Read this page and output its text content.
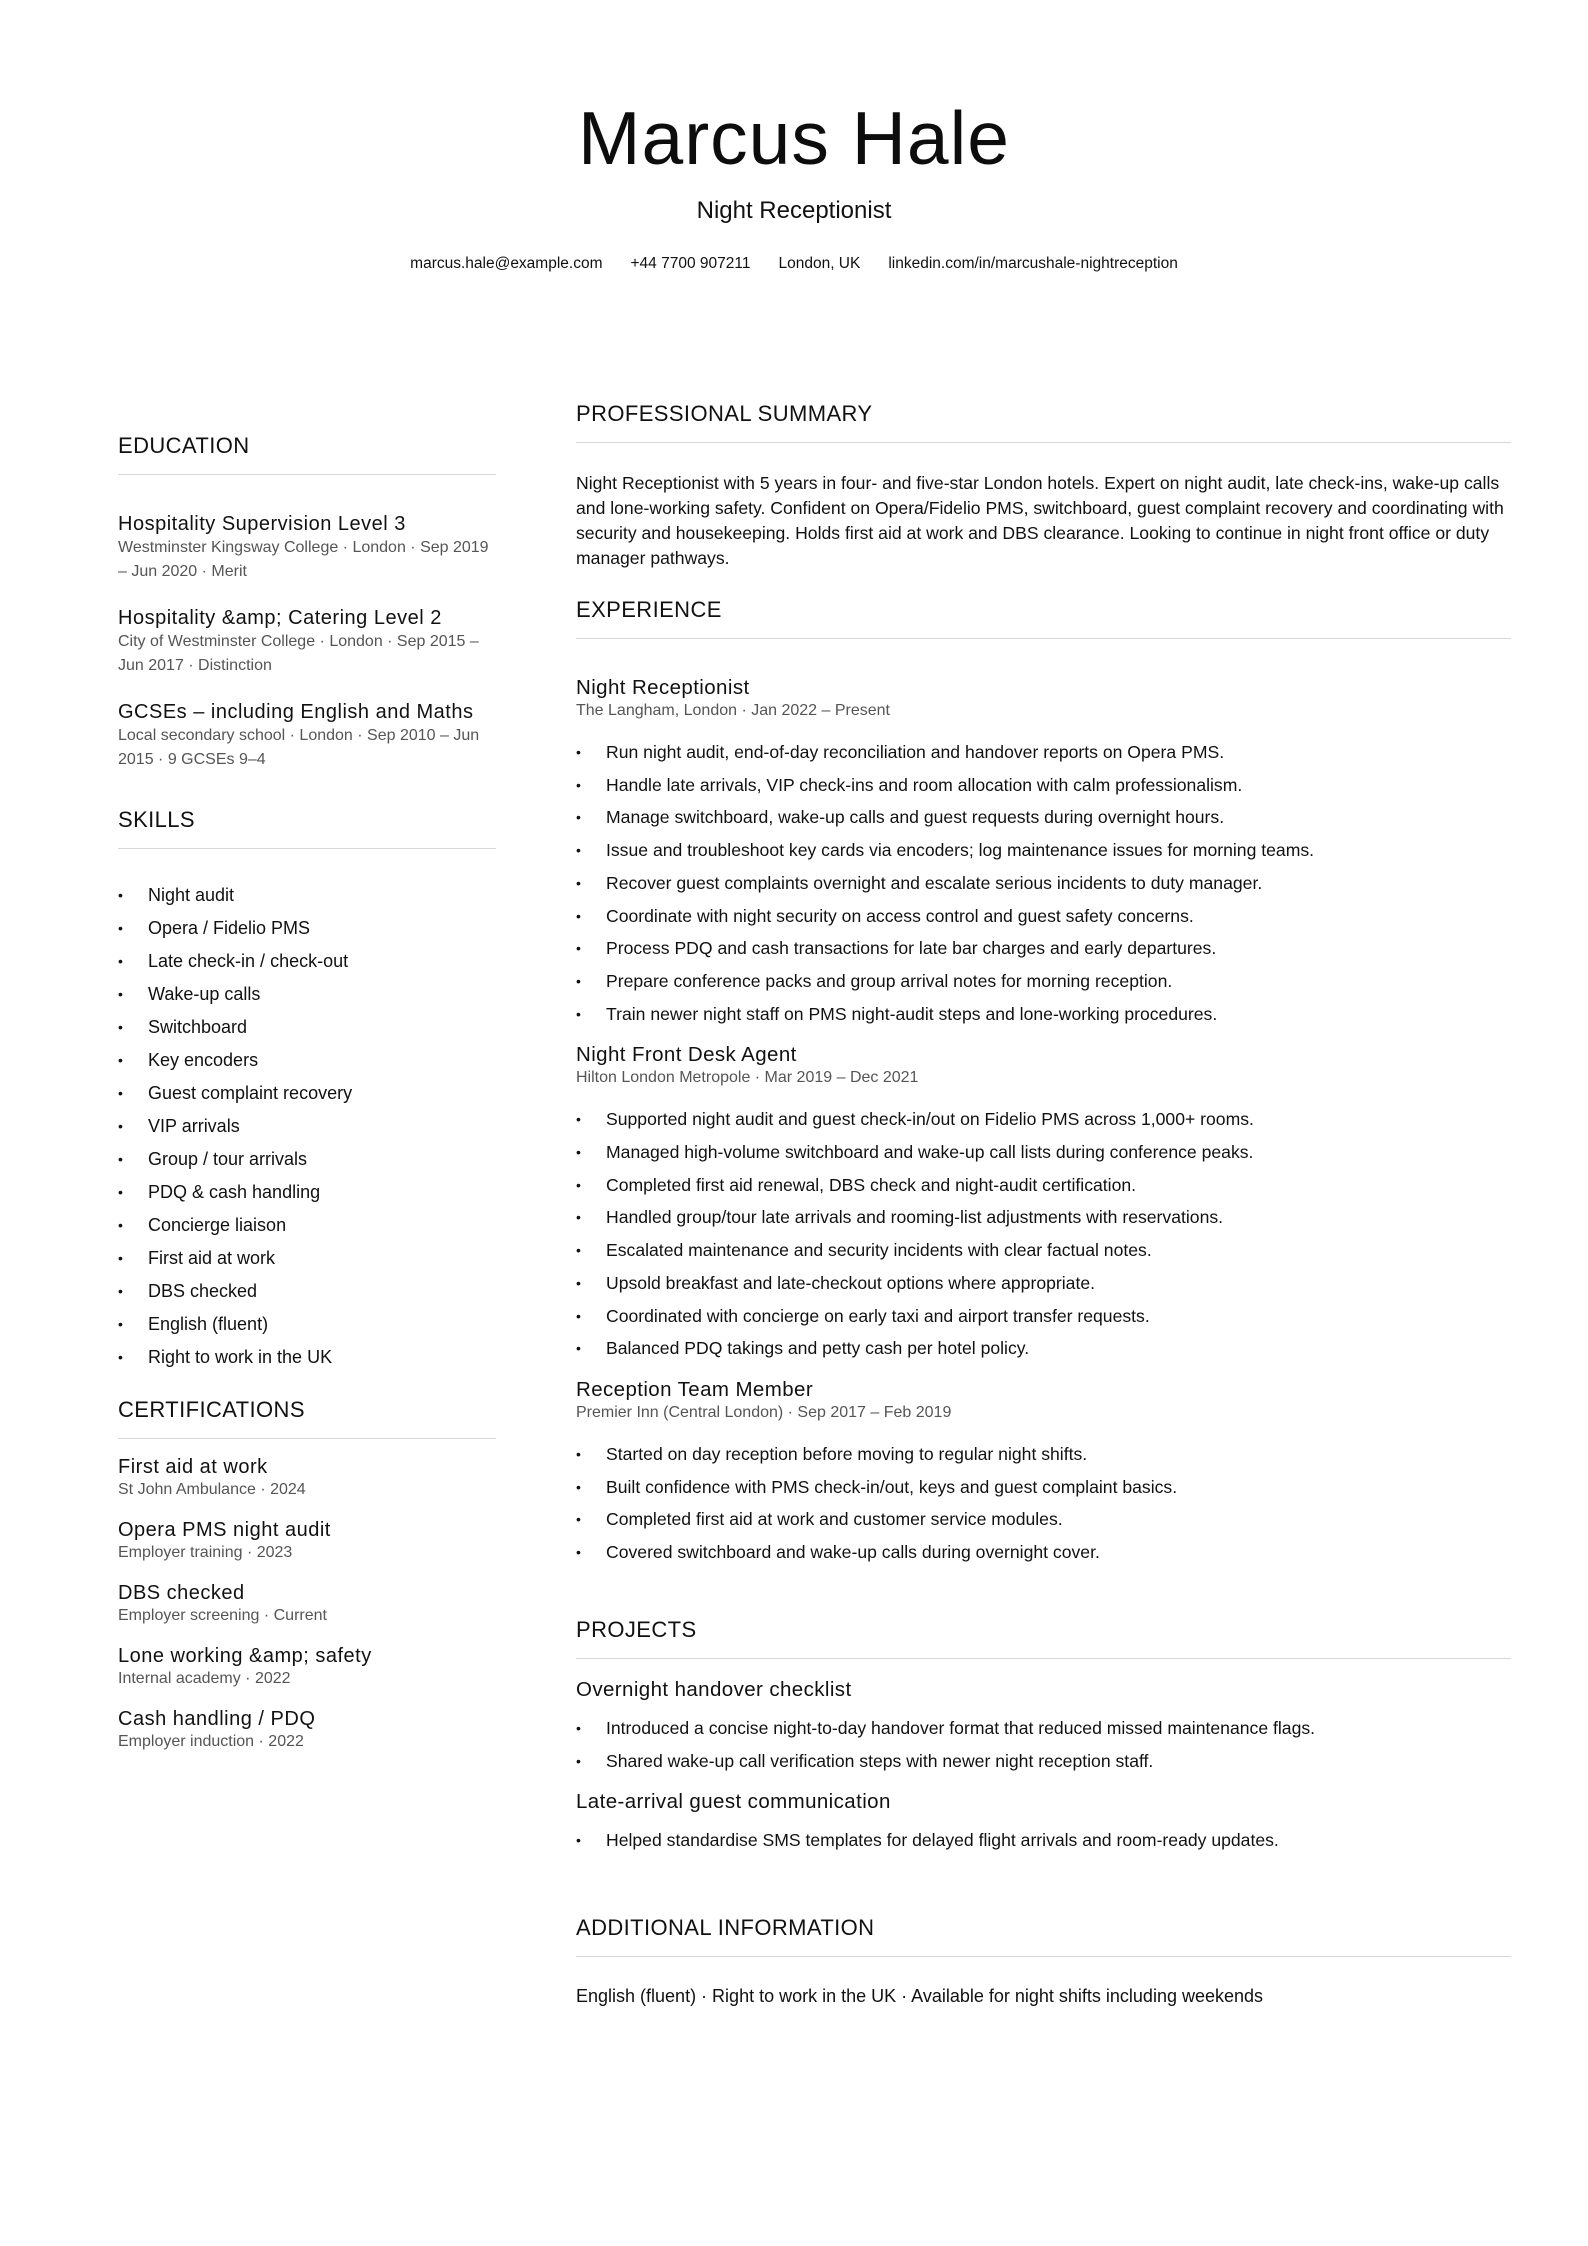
Marcus Hale
Night Receptionist
marcus.hale@example.com +44 7700 907211 London, UK linkedin.com/in/marcushale-nightreception
EDUCATION
Hospitality Supervision Level 3
Westminster Kingsway College · London · Sep 2019 – Jun 2020 · Merit
Hospitality &amp; Catering Level 2
City of Westminster College · London · Sep 2015 – Jun 2017 · Distinction
GCSEs – including English and Maths
Local secondary school · London · Sep 2010 – Jun 2015 · 9 GCSEs 9–4
SKILLS
• Night audit
• Opera / Fidelio PMS
• Late check-in / check-out
• Wake-up calls
• Switchboard
• Key encoders
• Guest complaint recovery
• VIP arrivals
• Group / tour arrivals
• PDQ & cash handling
• Concierge liaison
• First aid at work
• DBS checked
• English (fluent)
• Right to work in the UK
CERTIFICATIONS
First aid at work
St John Ambulance · 2024
Opera PMS night audit
Employer training · 2023
DBS checked
Employer screening · Current
Lone working &amp; safety
Internal academy · 2022
Cash handling / PDQ
Employer induction · 2022
PROFESSIONAL SUMMARY
Night Receptionist with 5 years in four- and five-star London hotels. Expert on night audit, late check-ins, wake-up calls and lone-working safety. Confident on Opera/Fidelio PMS, switchboard, guest complaint recovery and coordinating with security and housekeeping. Holds first aid at work and DBS clearance. Looking to continue in night front office or duty manager pathways.
EXPERIENCE
Night Receptionist
The Langham, London · Jan 2022 – Present
• Run night audit, end-of-day reconciliation and handover reports on Opera PMS.
• Handle late arrivals, VIP check-ins and room allocation with calm professionalism.
• Manage switchboard, wake-up calls and guest requests during overnight hours.
• Issue and troubleshoot key cards via encoders; log maintenance issues for morning teams.
• Recover guest complaints overnight and escalate serious incidents to duty manager.
• Coordinate with night security on access control and guest safety concerns.
• Process PDQ and cash transactions for late bar charges and early departures.
• Prepare conference packs and group arrival notes for morning reception.
• Train newer night staff on PMS night-audit steps and lone-working procedures.
Night Front Desk Agent
Hilton London Metropole · Mar 2019 – Dec 2021
• Supported night audit and guest check-in/out on Fidelio PMS across 1,000+ rooms.
• Managed high-volume switchboard and wake-up call lists during conference peaks.
• Completed first aid renewal, DBS check and night-audit certification.
• Handled group/tour late arrivals and rooming-list adjustments with reservations.
• Escalated maintenance and security incidents with clear factual notes.
• Upsold breakfast and late-checkout options where appropriate.
• Coordinated with concierge on early taxi and airport transfer requests.
• Balanced PDQ takings and petty cash per hotel policy.
Reception Team Member
Premier Inn (Central London) · Sep 2017 – Feb 2019
• Started on day reception before moving to regular night shifts.
• Built confidence with PMS check-in/out, keys and guest complaint basics.
• Completed first aid at work and customer service modules.
• Covered switchboard and wake-up calls during overnight cover.
PROJECTS
Overnight handover checklist
• Introduced a concise night-to-day handover format that reduced missed maintenance flags.
• Shared wake-up call verification steps with newer night reception staff.
Late-arrival guest communication
• Helped standardise SMS templates for delayed flight arrivals and room-ready updates.
ADDITIONAL INFORMATION
English (fluent) · Right to work in the UK · Available for night shifts including weekends
